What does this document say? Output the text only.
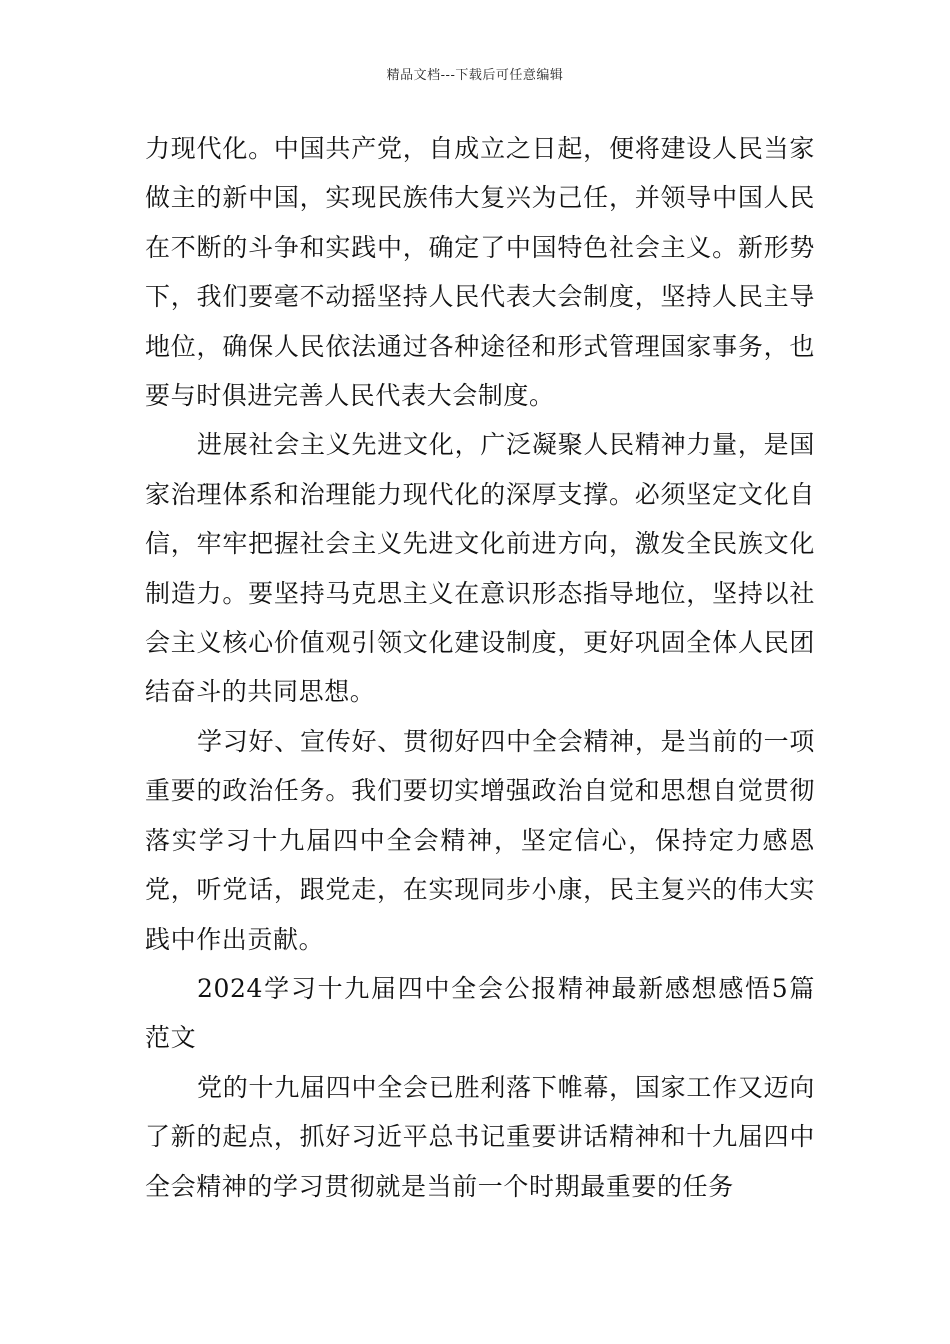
精品文档---下载后可任意编辑

力现代化。中国共产党，自成立之日起，便将建设人民当家做主的新中国，实现民族伟大复兴为己任，并领导中国人民在不断的斗争和实践中，确定了中国特色社会主义。新形势下，我们要毫不动摇坚持人民代表大会制度，坚持人民主导地位，确保人民依法通过各种途径和形式管理国家事务，也要与时俱进完善人民代表大会制度。

进展社会主义先进文化，广泛凝聚人民精神力量，是国家治理体系和治理能力现代化的深厚支撑。必须坚定文化自信，牢牢把握社会主义先进文化前进方向，激发全民族文化制造力。要坚持马克思主义在意识形态指导地位，坚持以社会主义核心价值观引领文化建设制度，更好巩固全体人民团结奋斗的共同思想。

学习好、宣传好、贯彻好四中全会精神，是当前的一项重要的政治任务。我们要切实增强政治自觉和思想自觉贯彻落实学习十九届四中全会精神，坚定信心，保持定力感恩党，听党话，跟党走，在实现同步小康，民主复兴的伟大实践中作出贡献。

2024学习十九届四中全会公报精神最新感想感悟5篇范文

党的十九届四中全会已胜利落下帷幕，国家工作又迈向了新的起点，抓好习近平总书记重要讲话精神和十九届四中全会精神的学习贯彻就是当前一个时期最重要的任务
